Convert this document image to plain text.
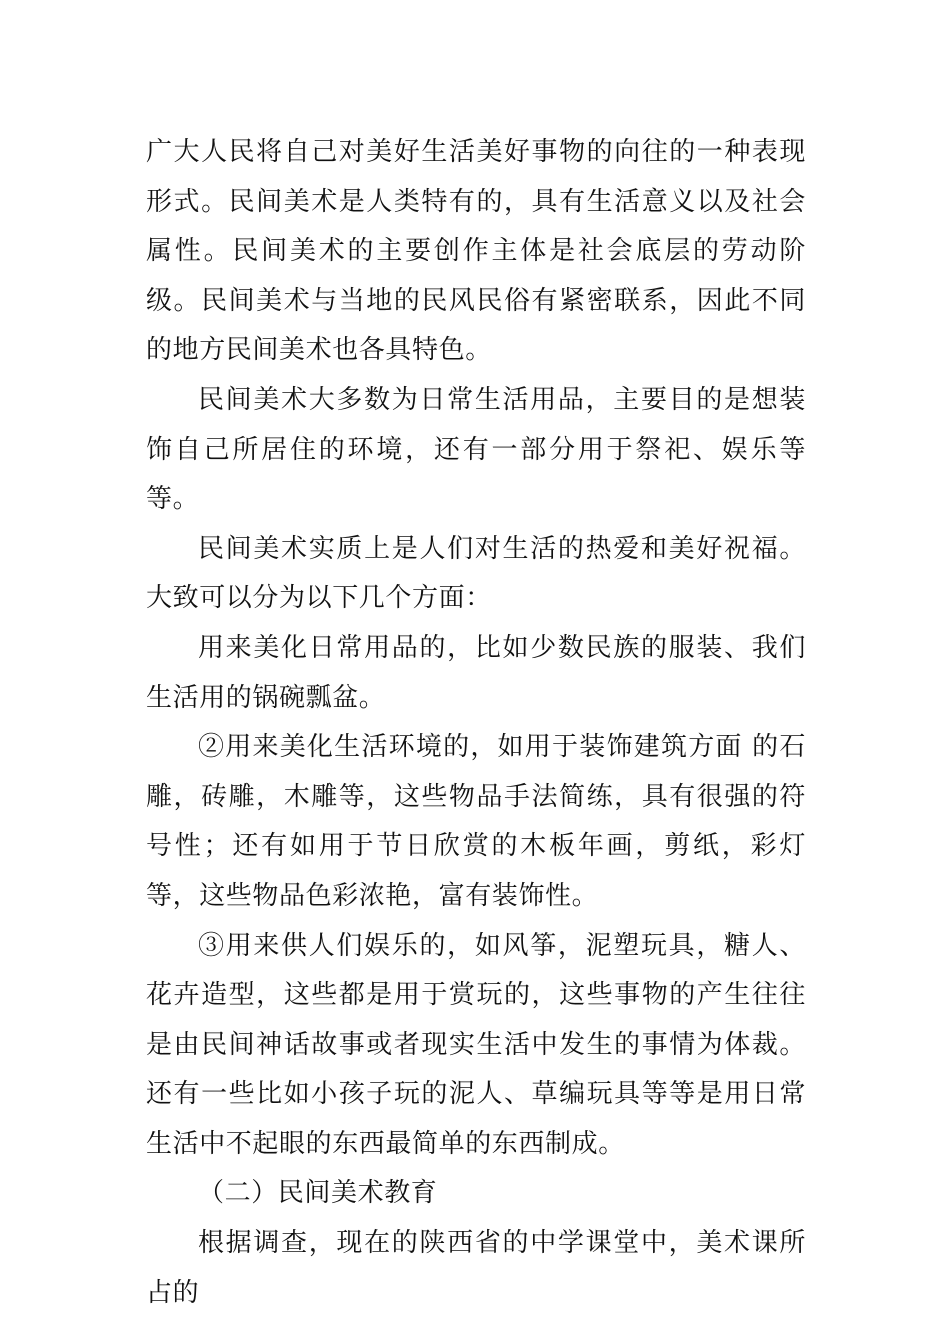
广大人民将自己对美好生活美好事物的向往的一种表现形式。民间美术是人类特有的，具有生活意义以及社会属性。民间美术的主要创作主体是社会底层的劳动阶级。民间美术与当地的民风民俗有紧密联系，因此不同的地方民间美术也各具特色。

民间美术大多数为日常生活用品，主要目的是想装饰自己所居住的环境，还有一部分用于祭祀、娱乐等等。

民间美术实质上是人们对生活的热爱和美好祝福。大致可以分为以下几个方面：

用来美化日常用品的，比如少数民族的服装、我们生活用的锅碗瓢盆。

②用来美化生活环境的，如用于装饰建筑方面 的石雕，砖雕，木雕等，这些物品手法简练，具有很强的符号性；还有如用于节日欣赏的木板年画，剪纸，彩灯等，这些物品色彩浓艳，富有装饰性。

③用来供人们娱乐的，如风筝，泥塑玩具，糖人、花卉造型，这些都是用于赏玩的，这些事物的产生往往是由民间神话故事或者现实生活中发生的事情为体裁。还有一些比如小孩子玩的泥人、草编玩具等等是用日常生活中不起眼的东西最简单的东西制成。

（二）民间美术教育

根据调查，现在的陕西省的中学课堂中，美术课所占的
